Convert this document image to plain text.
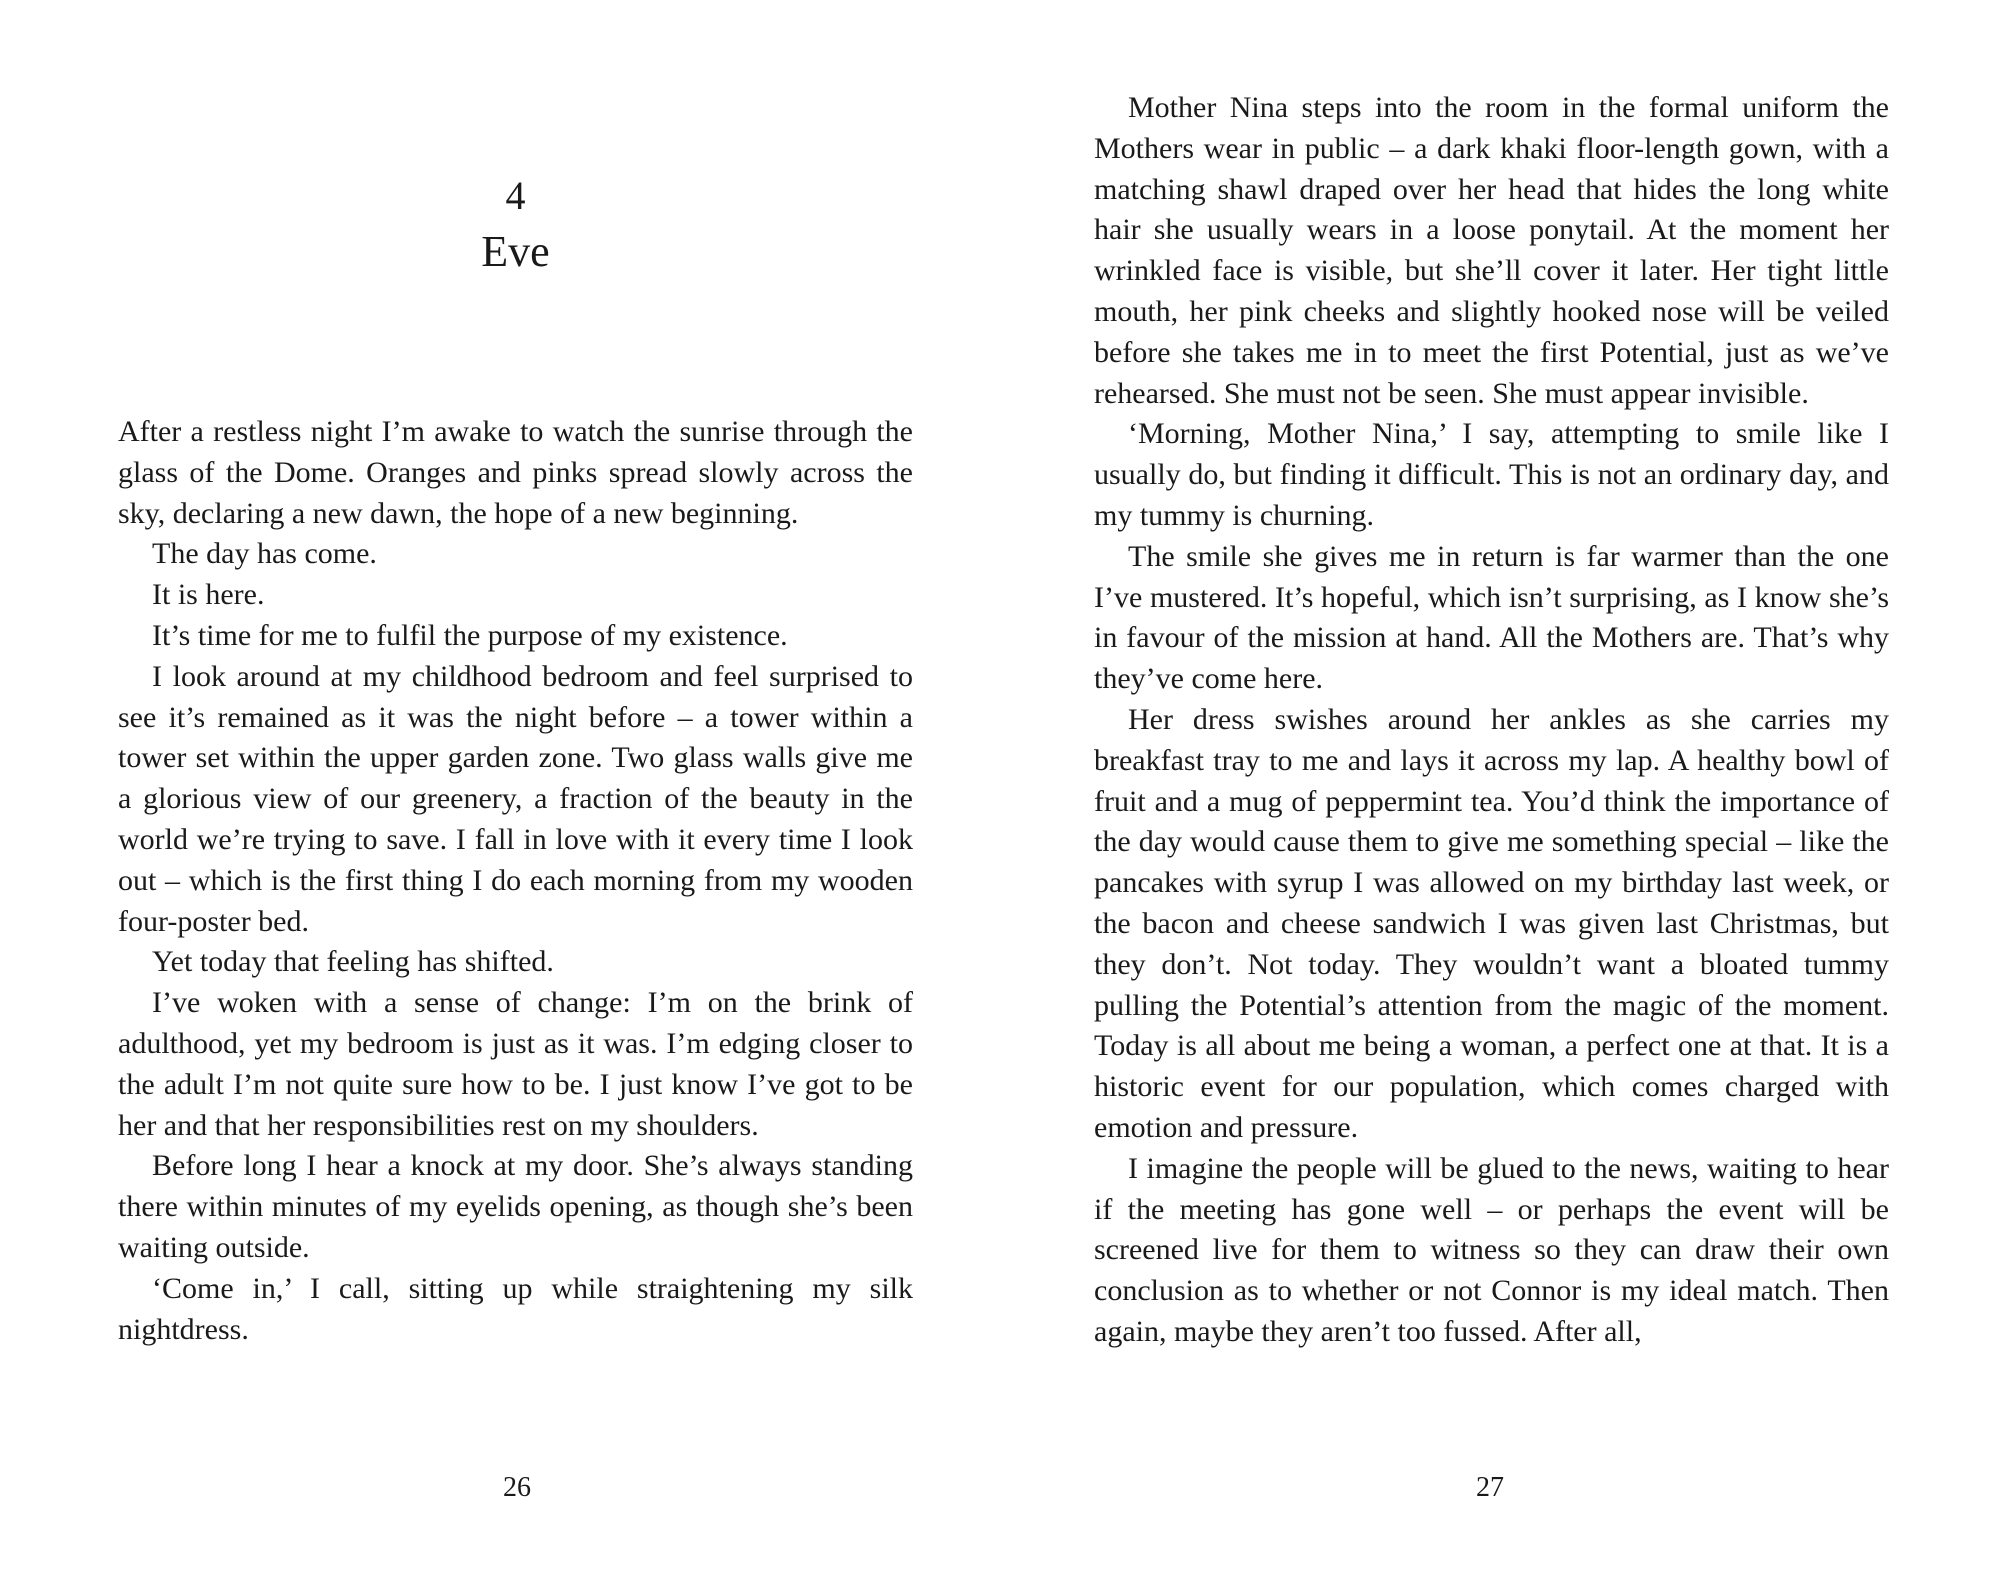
4
Eve

After a restless night I’m awake to watch the sunrise through the glass of the Dome. Oranges and pinks spread slowly across the sky, declaring a new dawn, the hope of a new beginning.

The day has come.

It is here.

It’s time for me to fulfil the purpose of my existence.

I look around at my childhood bedroom and feel surprised to see it’s remained as it was the night before – a tower within a tower set within the upper garden zone. Two glass walls give me a glorious view of our greenery, a fraction of the beauty in the world we’re trying to save. I fall in love with it every time I look out – which is the first thing I do each morning from my wooden four-poster bed.

Yet today that feeling has shifted.

I’ve woken with a sense of change: I’m on the brink of adulthood, yet my bedroom is just as it was. I’m edging closer to the adult I’m not quite sure how to be. I just know I’ve got to be her and that her responsibilities rest on my shoulders.

Before long I hear a knock at my door. She’s always standing there within minutes of my eyelids opening, as though she’s been waiting outside.

‘Come in,’ I call, sitting up while straightening my silk nightdress.

26

Mother Nina steps into the room in the formal uniform the Mothers wear in public – a dark khaki floor-length gown, with a matching shawl draped over her head that hides the long white hair she usually wears in a loose ponytail. At the moment her wrinkled face is visible, but she’ll cover it later. Her tight little mouth, her pink cheeks and slightly hooked nose will be veiled before she takes me in to meet the first Potential, just as we’ve rehearsed. She must not be seen. She must appear invisible.

‘Morning, Mother Nina,’ I say, attempting to smile like I usually do, but finding it difficult. This is not an ordinary day, and my tummy is churning.

The smile she gives me in return is far warmer than the one I’ve mustered. It’s hopeful, which isn’t surprising, as I know she’s in favour of the mission at hand. All the Mothers are. That’s why they’ve come here.

Her dress swishes around her ankles as she carries my breakfast tray to me and lays it across my lap. A healthy bowl of fruit and a mug of peppermint tea. You’d think the importance of the day would cause them to give me something special – like the pancakes with syrup I was allowed on my birthday last week, or the bacon and cheese sandwich I was given last Christmas, but they don’t. Not today. They wouldn’t want a bloated tummy pulling the Potential’s attention from the magic of the moment. Today is all about me being a woman, a perfect one at that. It is a historic event for our population, which comes charged with emotion and pressure.

I imagine the people will be glued to the news, waiting to hear if the meeting has gone well – or perhaps the event will be screened live for them to witness so they can draw their own conclusion as to whether or not Connor is my ideal match. Then again, maybe they aren’t too fussed. After all,

27
